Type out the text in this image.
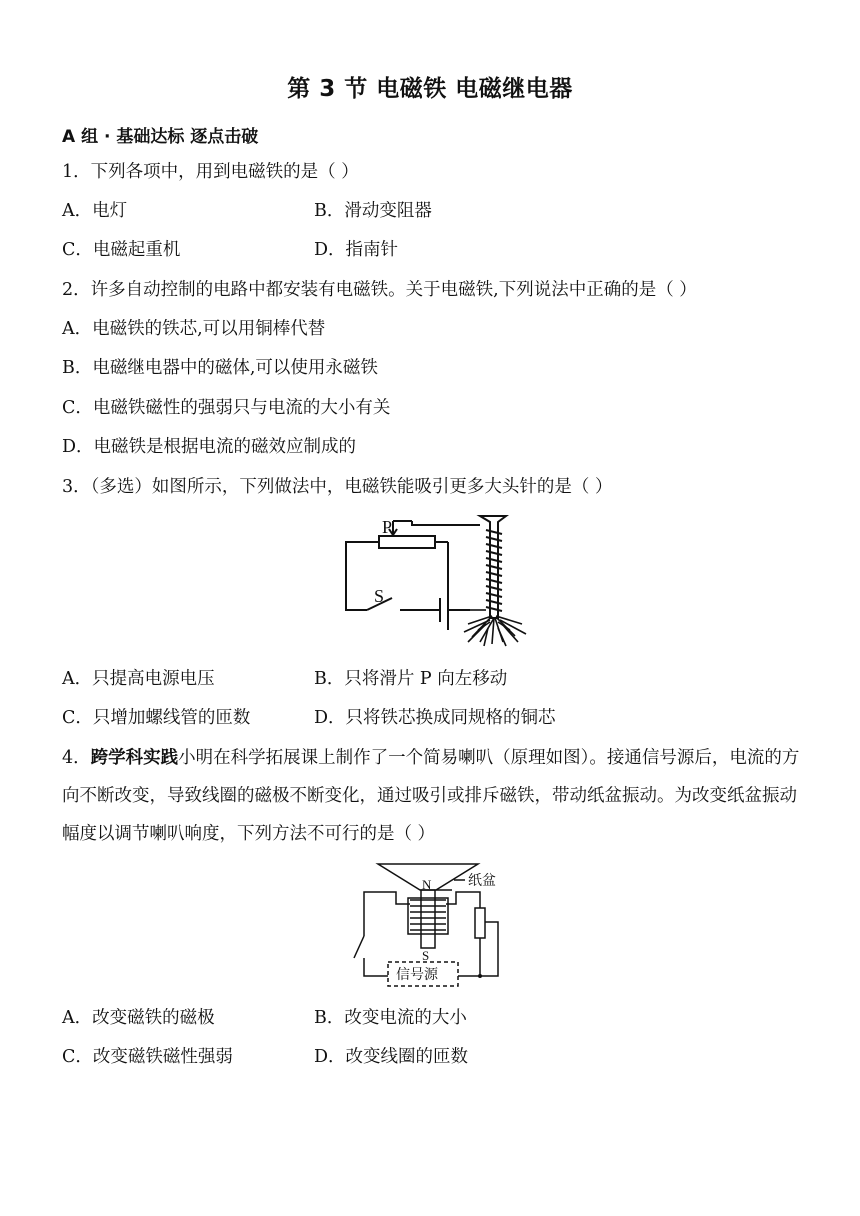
第 3 节 电磁铁 电磁继电器
A 组 · 基础达标 逐点击破
1．下列各项中，用到电磁铁的是（ ）
A．电灯	B．滑动变阻器
C．电磁起重机	D．指南针
2．许多自动控制的电路中都安装有电磁铁。关于电磁铁,下列说法中正确的是（ ）
A．电磁铁的铁芯,可以用铜棒代替
B．电磁继电器中的磁体,可以使用永磁铁
C．电磁铁磁性的强弱只与电流的大小有关
D．电磁铁是根据电流的磁效应制成的
3．（多选）如图所示，下列做法中，电磁铁能吸引更多大头针的是（ ）
P
S
A．只提高电源电压	B．只将滑片 P 向左移动
C．只增加螺线管的匝数	D．只将铁芯换成同规格的铜芯
4．跨学科实践小明在科学拓展课上制作了一个简易喇叭（原理如图）。接通信号源后，电流的方向不断改变，导致线圈的磁极不断变化，通过吸引或排斥磁铁，带动纸盆振动。为改变纸盆振动幅度以调节喇叭响度，下列方法不可行的是（ ）
N
S
纸盆
信号源
A．改变磁铁的磁极	B．改变电流的大小
C．改变磁铁磁性强弱	D．改变线圈的匝数
